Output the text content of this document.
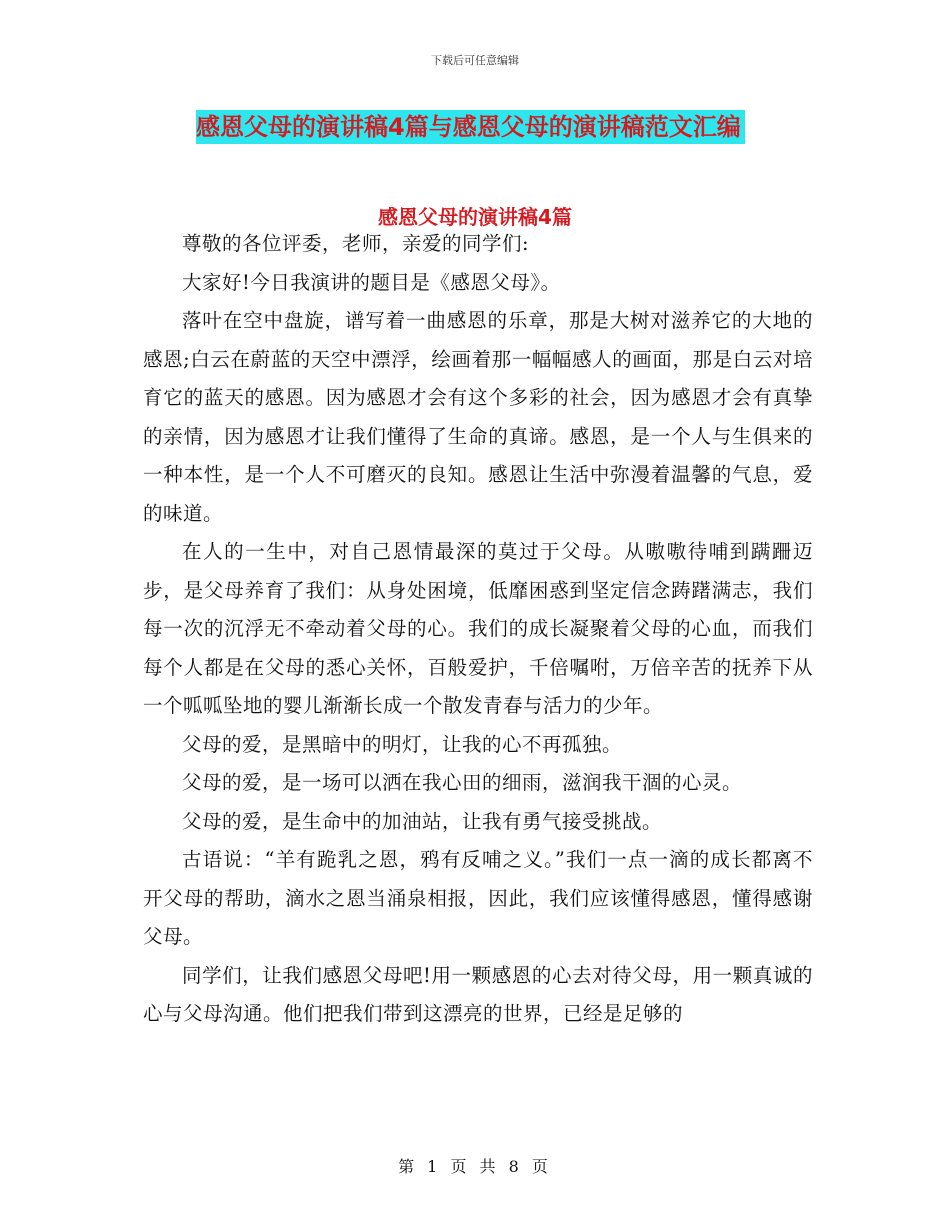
下载后可任意编辑
感恩父母的演讲稿4篇与感恩父母的演讲稿范文汇编
感恩父母的演讲稿4篇

尊敬的各位评委，老师，亲爱的同学们:

大家好!今日我演讲的题目是《感恩父母》。

落叶在空中盘旋，谱写着一曲感恩的乐章，那是大树对滋养它的大地的感恩;白云在蔚蓝的天空中漂浮，绘画着那一幅幅感人的画面，那是白云对培育它的蓝天的感恩。因为感恩才会有这个多彩的社会，因为感恩才会有真挚的亲情，因为感恩才让我们懂得了生命的真谛。感恩，是一个人与生俱来的一种本性，是一个人不可磨灭的良知。感恩让生活中弥漫着温馨的气息，爱的味道。

在人的一生中，对自己恩情最深的莫过于父母。从嗷嗷待哺到蹒跚迈步，是父母养育了我们：从身处困境，低靡困惑到坚定信念踌躇满志，我们每一次的沉浮无不牵动着父母的心。我们的成长凝聚着父母的心血，而我们每个人都是在父母的悉心关怀，百般爱护，千倍嘱咐，万倍辛苦的抚养下从一个呱呱坠地的婴儿渐渐长成一个散发青春与活力的少年。

父母的爱，是黑暗中的明灯，让我的心不再孤独。

父母的爱，是一场可以洒在我心田的细雨，滋润我干涸的心灵。

父母的爱，是生命中的加油站，让我有勇气接受挑战。

古语说：“羊有跪乳之恩，鸦有反哺之义。”我们一点一滴的成长都离不开父母的帮助，滴水之恩当涌泉相报，因此，我们应该懂得感恩，懂得感谢父母。

同学们，让我们感恩父母吧!用一颗感恩的心去对待父母，用一颗真诚的心与父母沟通。他们把我们带到这漂亮的世界，已经是足够的

第 1 页 共 8 页
